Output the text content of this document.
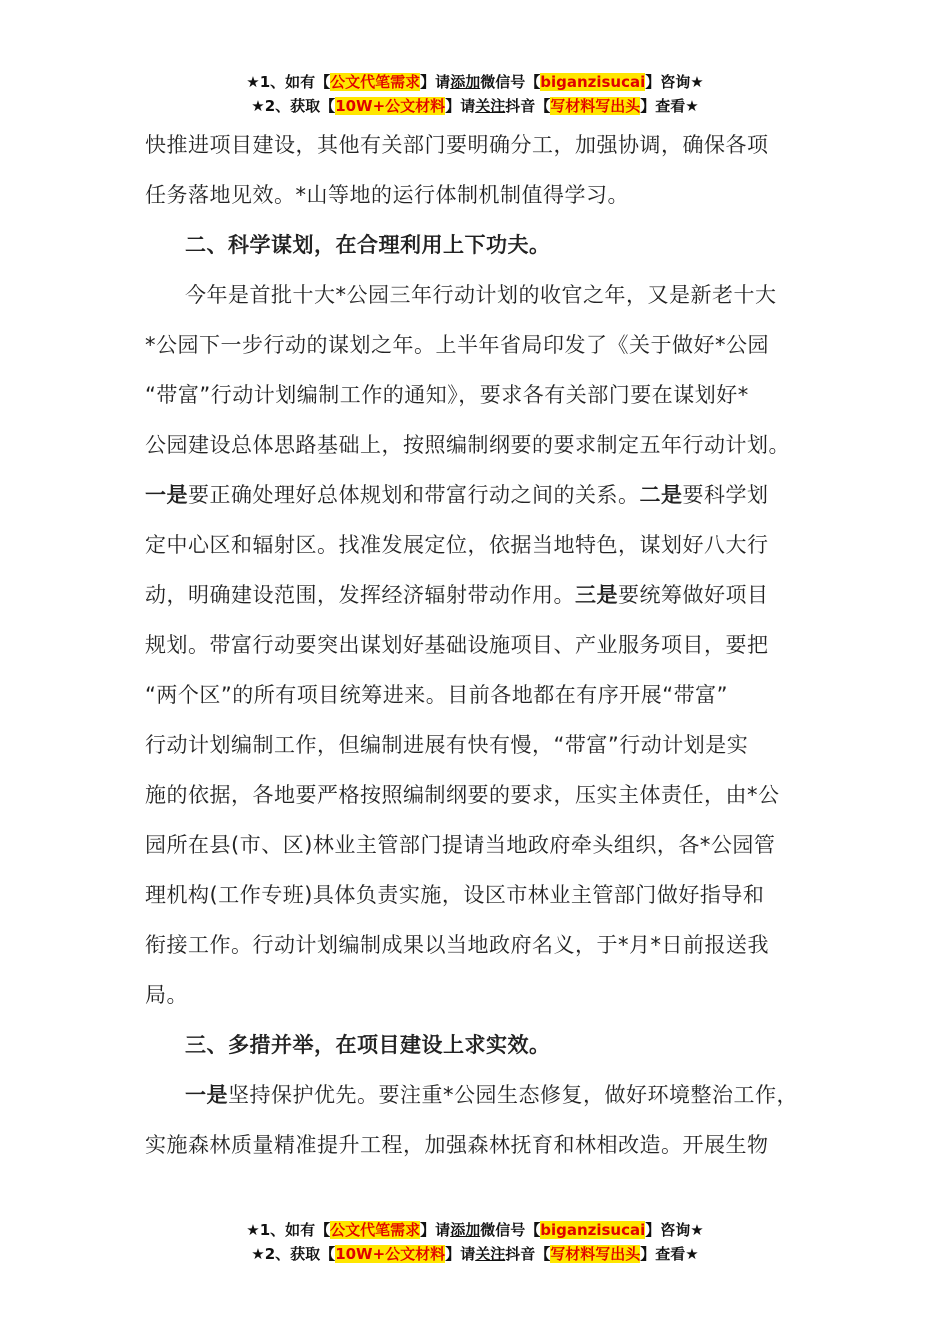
★1、如有【公文代笔需求】请添加微信号【biganzisucai】咨询★
★2、获取【10W+公文材料】请关注抖音【写材料写出头】查看★
快推进项目建设，其他有关部门要明确分工，加强协调，确保各项
任务落地见效。*山等地的运行体制机制值得学习。
二、科学谋划，在合理利用上下功夫。
今年是首批十大*公园三年行动计划的收官之年，又是新老十大
*公园下一步行动的谋划之年。上半年省局印发了《关于做好*公园
“带富”行动计划编制工作的通知》，要求各有关部门要在谋划好*
公园建设总体思路基础上，按照编制纲要的要求制定五年行动计划。
一是要正确处理好总体规划和带富行动之间的关系。二是要科学划
定中心区和辐射区。找准发展定位，依据当地特色，谋划好八大行
动，明确建设范围，发挥经济辐射带动作用。三是要统筹做好项目
规划。带富行动要突出谋划好基础设施项目、产业服务项目，要把
“两个区”的所有项目统筹进来。目前各地都在有序开展“带富”
行动计划编制工作，但编制进展有快有慢，“带富”行动计划是实
施的依据，各地要严格按照编制纲要的要求，压实主体责任，由*公
园所在县(市、区)林业主管部门提请当地政府牵头组织，各*公园管
理机构(工作专班)具体负责实施，设区市林业主管部门做好指导和
衔接工作。行动计划编制成果以当地政府名义，于*月*日前报送我
局。
三、多措并举，在项目建设上求实效。
一是坚持保护优先。要注重*公园生态修复，做好环境整治工作，
实施森林质量精准提升工程，加强森林抚育和林相改造。开展生物
★1、如有【公文代笔需求】请添加微信号【biganzisucai】咨询★
★2、获取【10W+公文材料】请关注抖音【写材料写出头】查看★
